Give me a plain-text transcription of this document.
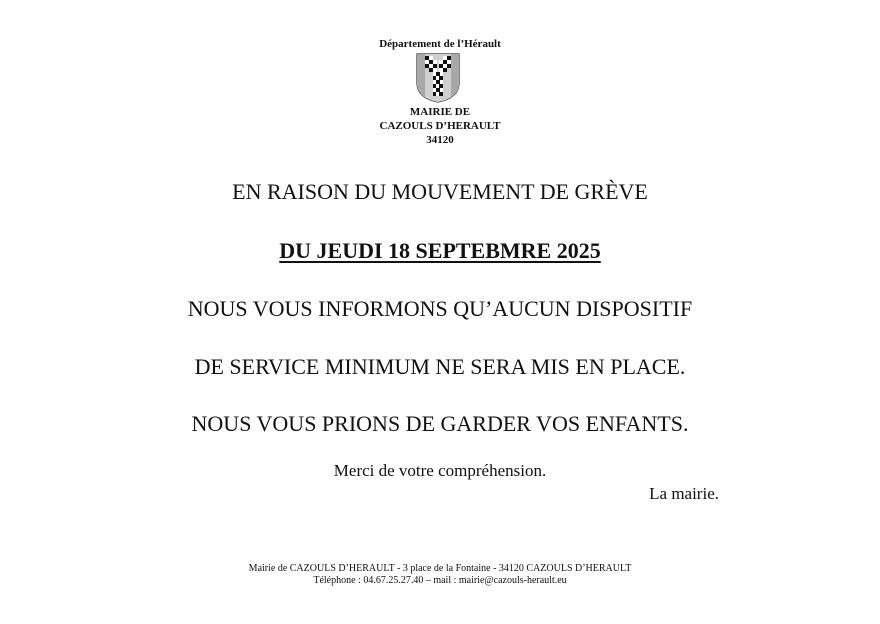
Département de l’Hérault
MAIRIE DE
CAZOULS D’HERAULT
34120
EN RAISON DU MOUVEMENT DE GRÈVE
DU JEUDI 18 SEPTEBMRE 2025
NOUS VOUS INFORMONS QU’AUCUN DISPOSITIF
DE SERVICE MINIMUM NE SERA MIS EN PLACE.
NOUS VOUS PRIONS DE GARDER VOS ENFANTS.
Merci de votre compréhension.
La mairie.
Mairie de CAZOULS D’HERAULT - 3 place de la Fontaine - 34120 CAZOULS D’HERAULT
Téléphone : 04.67.25.27.40 – mail : mairie@cazouls-herault.eu
